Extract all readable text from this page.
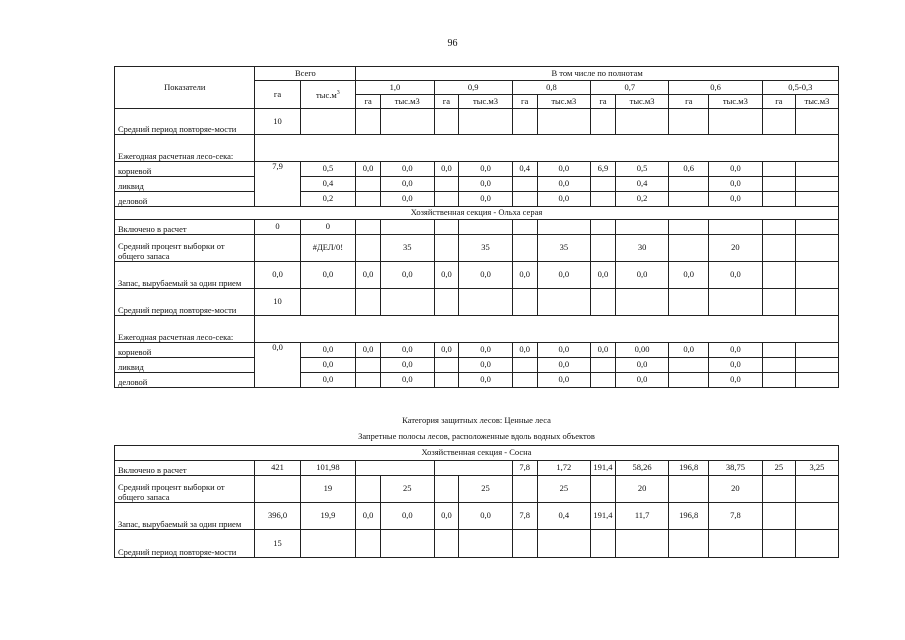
96
Показатели	Всего		В том числе по полнотам											
	га	$тыс.м^3$	1,0		0,9		0,8		0,7		0,6		0,5-0,3	
			га	тыс.м3	га	тыс.м3	га	тыс.м3	га	тыс.м3	га	тыс.м3	га	тыс.м3
Средний период повторяе-мости	10													
Ежегодная расчетная лесо-сека:														
корневой	7,9	0,5	0,0	0,0	0,0	0,0	0,4	0,0	6,9	0,5	0,6	0,0		
ликвид		0,4		0,0		0,0		0,0		0,4		0,0		
деловой		0,2		0,0		0,0		0,0		0,2		0,0		
Хозяйственная секция - Ольха серая														
Включено в расчет	0	0												
Средний процент выборки от общего запаса		#ДЕЛ/0!		35		35		35		30		20		
Запас, вырубаемый за один прием	0,0	0,0	0,0	0,0	0,0	0,0	0,0	0,0	0,0	0,0	0,0	0,0		
Средний период повторяе-мости	10													
Ежегодная расчетная лесо-сека:														
корневой	0,0	0,0	0,0	0,0	0,0	0,0	0,0	0,0	0,0	0,00	0,0	0,0		
ликвид		0,0		0,0		0,0		0,0		0,0		0,0		
деловой		0,0		0,0		0,0		0,0		0,0		0,0		
Категория защитных лесов: Ценные леса
Запретные полосы лесов, расположенные вдоль водных объектов
Хозяйственная секция - Сосна														
Включено в расчет	421	101,98					7,8	1,72	191,4	58,26	196,8	38,75	25	3,25
Средний процент выборки от общего запаса		19		25		25		25		20		20		
Запас, вырубаемый за один прием	396,0	19,9	0,0	0,0	0,0	0,0	7,8	0,4	191,4	11,7	196,8	7,8		
Средний период повторяе-мости	15													
